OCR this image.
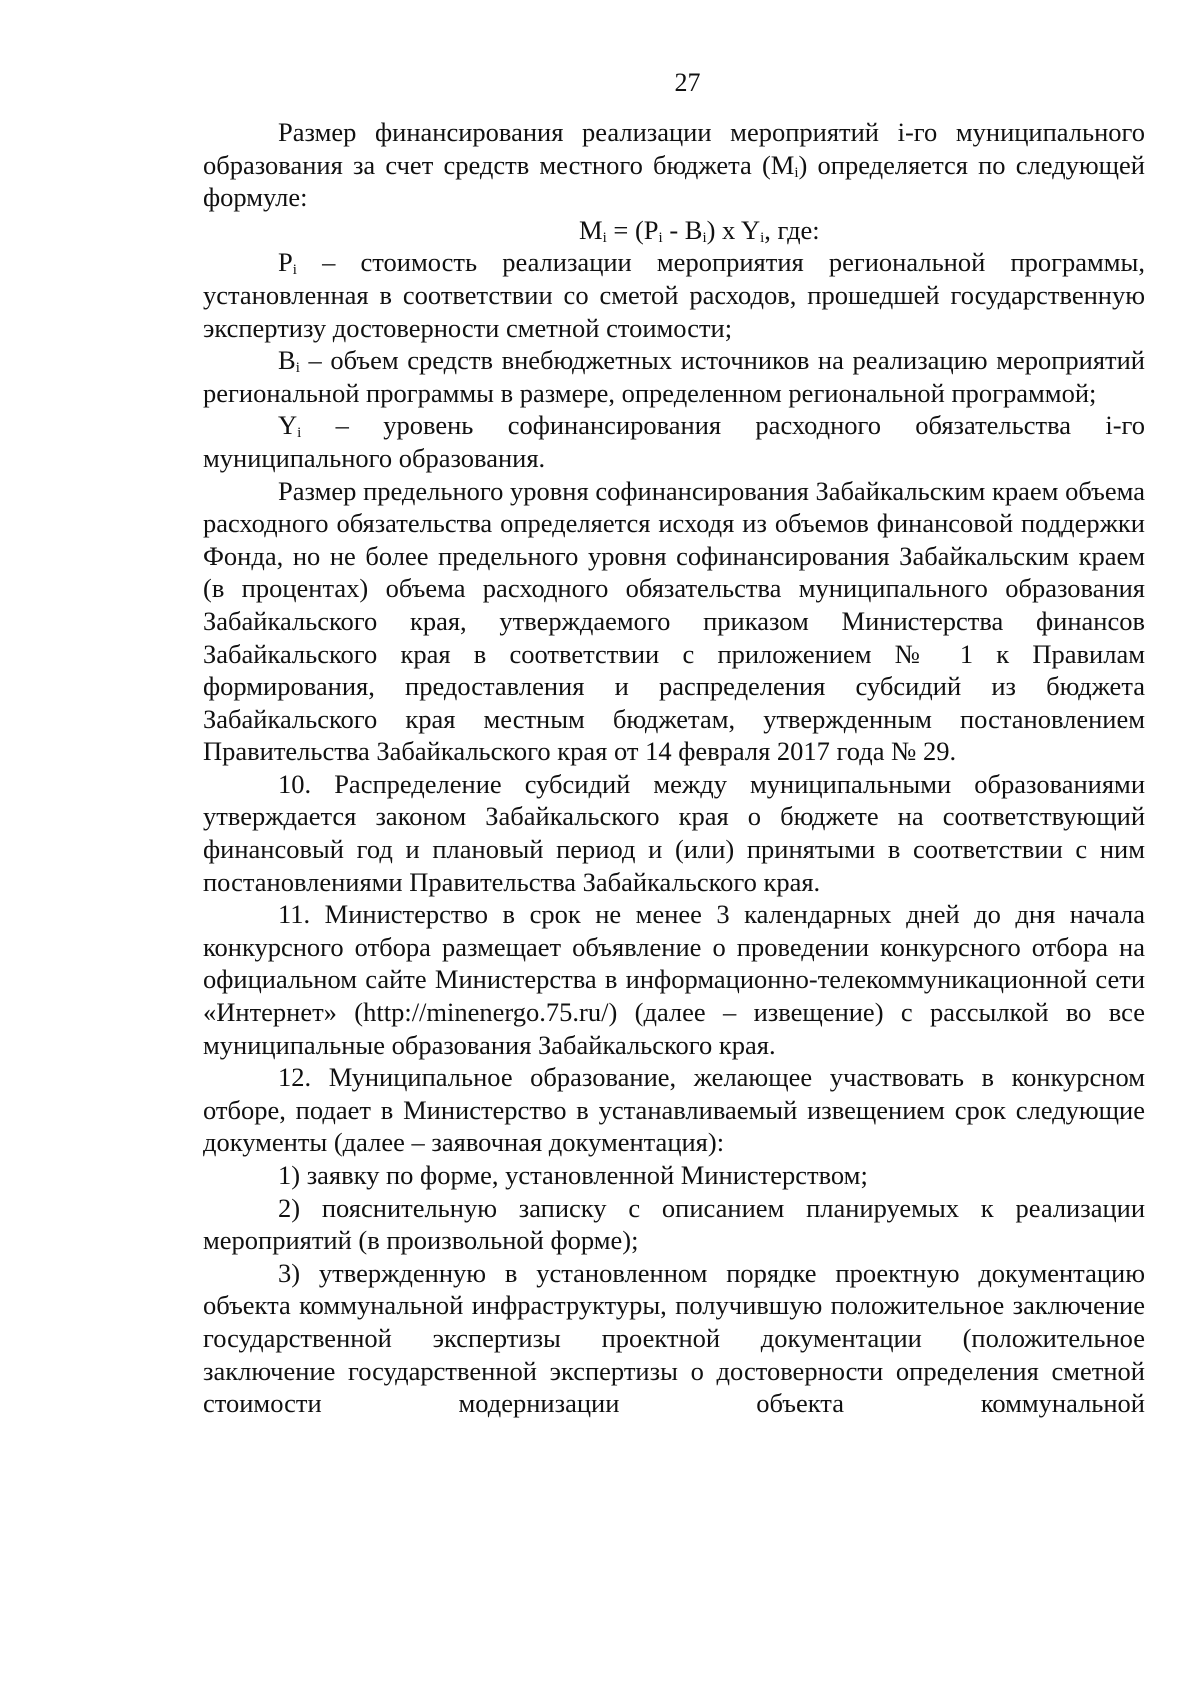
27

Размер финансирования реализации мероприятий i-го муниципального образования за счет средств местного бюджета $(M_i)$ определяется по следующей формуле:

$M_i = (P_i - B_i)$ x $Y_i$, где:

$P_i$ – стоимость реализации мероприятия региональной программы, установленная в соответствии со сметой расходов, прошедшей государственную экспертизу достоверности сметной стоимости;

$B_i$ – объем средств внебюджетных источников на реализацию мероприятий региональной программы в размере, определенном региональной программой;

$Y_i$ – уровень софинансирования расходного обязательства i-го муниципального образования.

Размер предельного уровня софинансирования Забайкальским краем объема расходного обязательства определяется исходя из объемов финансовой поддержки Фонда, но не более предельного уровня софинансирования Забайкальским краем (в процентах) объема расходного обязательства муниципального образования Забайкальского края, утверждаемого приказом Министерства финансов Забайкальского края в соответствии с приложением № 1 к Правилам формирования, предоставления и распределения субсидий из бюджета Забайкальского края местным бюджетам, утвержденным постановлением Правительства Забайкальского края от 14 февраля 2017 года № 29.

10. Распределение субсидий между муниципальными образованиями утверждается законом Забайкальского края о бюджете на соответствующий финансовый год и плановый период и (или) принятыми в соответствии с ним постановлениями Правительства Забайкальского края.

11. Министерство в срок не менее 3 календарных дней до дня начала конкурсного отбора размещает объявление о проведении конкурсного отбора на официальном сайте Министерства в информационно-телекоммуникационной сети «Интернет» (http://minenergo.75.ru/) (далее – извещение) с рассылкой во все муниципальные образования Забайкальского края.

12. Муниципальное образование, желающее участвовать в конкурсном отборе, подает в Министерство в устанавливаемый извещением срок следующие документы (далее – заявочная документация):

1) заявку по форме, установленной Министерством;

2) пояснительную записку с описанием планируемых к реализации мероприятий (в произвольной форме);

3) утвержденную в установленном порядке проектную документацию объекта коммунальной инфраструктуры, получившую положительное заключение государственной экспертизы проектной документации (положительное заключение государственной экспертизы о достоверности определения сметной стоимости модернизации объекта коммунальной
